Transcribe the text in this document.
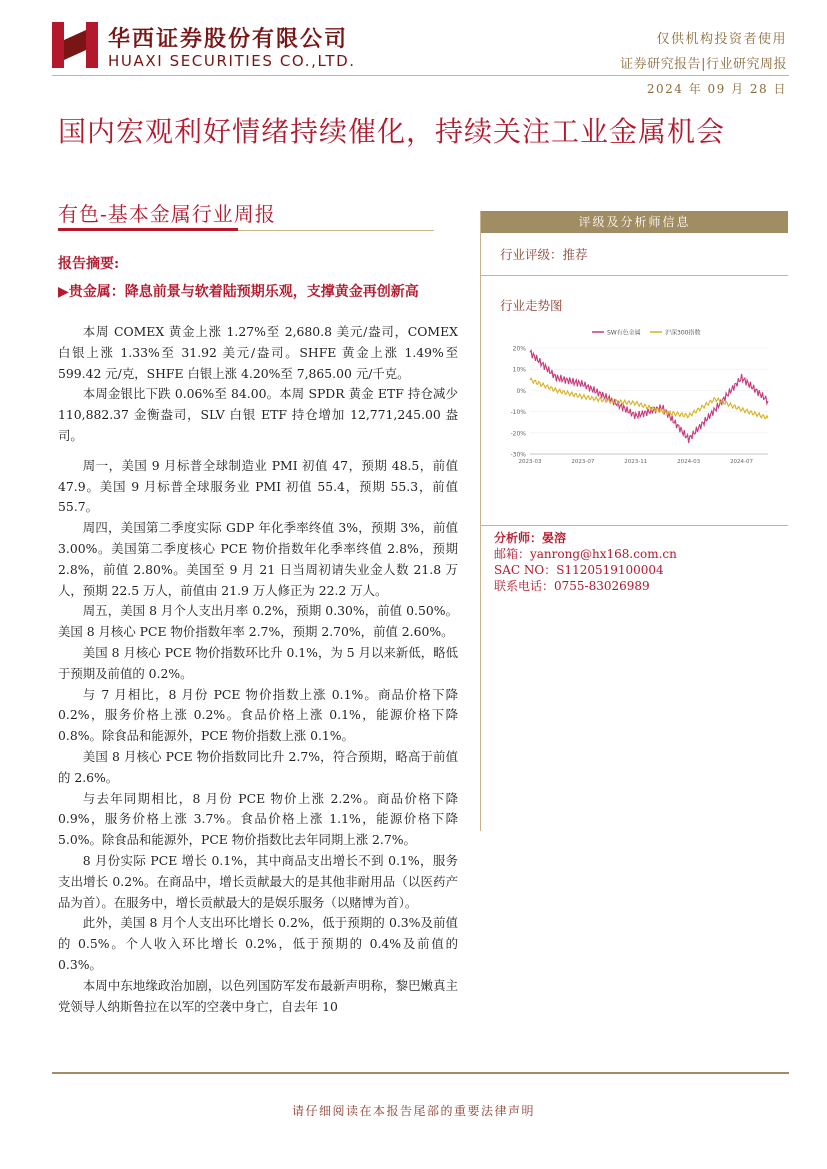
华西证券股份有限公司
HUAXI SECURITIES CO.,LTD.
仅供机构投资者使用
证券研究报告|行业研究周报
2024 年 09 月 28 日
国内宏观利好情绪持续催化，持续关注工业金属机会
有色-基本金属行业周报
报告摘要:
▶贵金属：降息前景与软着陆预期乐观，支撑黄金再创新高

本周 COMEX 黄金上涨 1.27%至 2,680.8 美元/盎司，COMEX 白银上涨 1.33%至 31.92 美元/盎司。SHFE 黄金上涨 1.49%至 599.42 元/克，SHFE 白银上涨 4.20%至 7,865.00 元/千克。

本周金银比下跌 0.06%至 84.00。本周 SPDR 黄金 ETF 持仓减少 110,882.37 金衡盎司，SLV 白银 ETF 持仓增加 12,771,245.00 盎司。

周一，美国 9 月标普全球制造业 PMI 初值 47，预期 48.5，前值 47.9。美国 9 月标普全球服务业 PMI 初值 55.4，预期 55.3，前值 55.7。

周四，美国第二季度实际 GDP 年化季率终值 3%，预期 3%，前值 3.00%。美国第二季度核心 PCE 物价指数年化季率终值 2.8%，预期 2.8%，前值 2.80%。美国至 9 月 21 日当周初请失业金人数 21.8 万人，预期 22.5 万人，前值由 21.9 万人修正为 22.2 万人。

周五，美国 8 月个人支出月率 0.2%，预期 0.30%，前值 0.50%。美国 8 月核心 PCE 物价指数年率 2.7%，预期 2.70%，前值 2.60%。

美国 8 月核心 PCE 物价指数环比升 0.1%，为 5 月以来新低，略低于预期及前值的 0.2%。

与 7 月相比，8 月份 PCE 物价指数上涨 0.1%。商品价格下降 0.2%，服务价格上涨 0.2%。食品价格上涨 0.1%，能源价格下降 0.8%。除食品和能源外，PCE 物价指数上涨 0.1%。

美国 8 月核心 PCE 物价指数同比升 2.7%，符合预期，略高于前值的 2.6%。

与去年同期相比，8 月份 PCE 物价上涨 2.2%。商品价格下降 0.9%，服务价格上涨 3.7%。食品价格上涨 1.1%，能源价格下降 5.0%。除食品和能源外，PCE 物价指数比去年同期上涨 2.7%。

8 月份实际 PCE 增长 0.1%，其中商品支出增长不到 0.1%，服务支出增长 0.2%。在商品中，增长贡献最大的是其他非耐用品（以医药产品为首）。在服务中，增长贡献最大的是娱乐服务（以赌博为首）。

此外，美国 8 月个人支出环比增长 0.2%，低于预期的 0.3%及前值的 0.5%。个人收入环比增长 0.2%，低于预期的 0.4%及前值的 0.3%。

本周中东地缘政治加剧，以色列国防军发布最新声明称，黎巴嫩真主党领导人纳斯鲁拉在以军的空袭中身亡，自去年 10

评级及分析师信息
行业评级：推荐
行业走势图
SW有色金属	沪深300指数
20%
10%
0%
-10%
-20%
-30%
2023-03	2023-07	2023-11	2024-03	2024-07
分析师：晏溶
邮箱：yanrong@hx168.com.cn
SAC NO：S1120519100004
联系电话：0755-83026989
请仔细阅读在本报告尾部的重要法律声明
